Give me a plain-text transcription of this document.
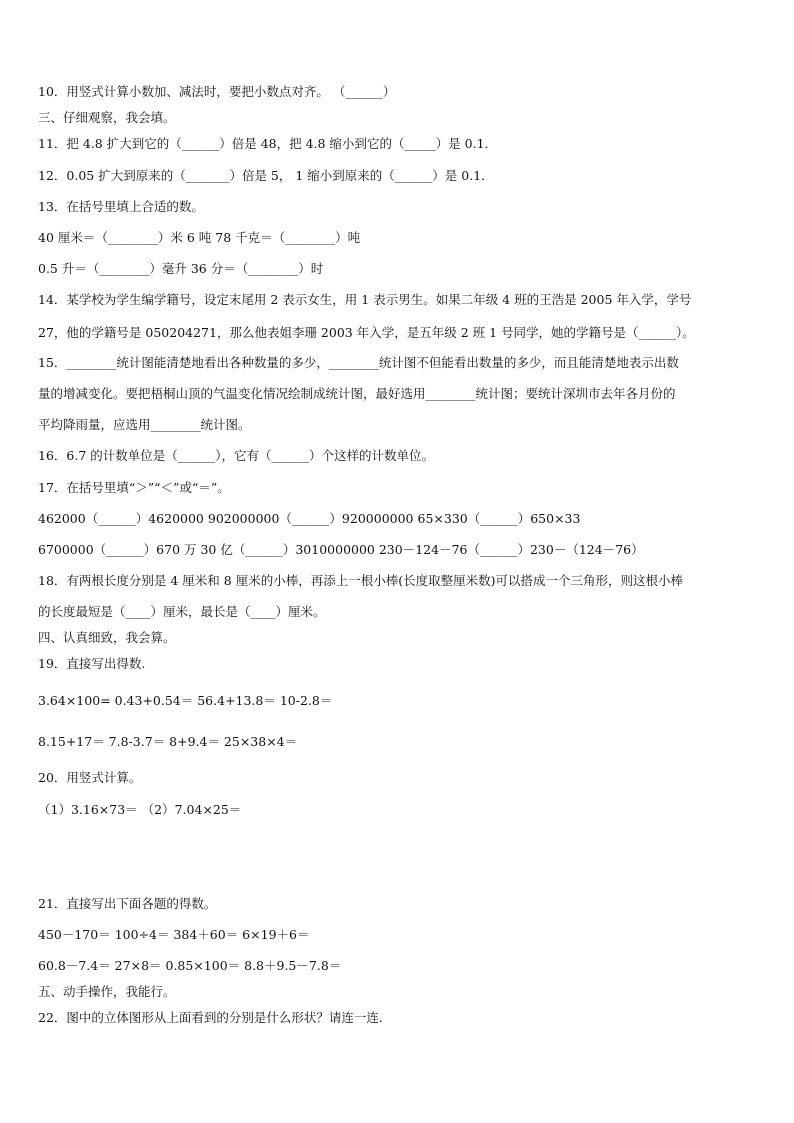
10．用竖式计算小数加、减法时，要把小数点对齐。 （______）
三、仔细观察，我会填。
11．把 4.8 扩大到它的（______）倍是 48，把 4.8 缩小到它的（_____）是 0.1．
12．0.05 扩大到原来的（_______）倍是 5， 1 缩小到原来的（______）是 0.1．
13．在括号里填上合适的数。
40 厘米＝（________）米 6 吨 78 千克＝（________）吨
0.5 升＝（________）毫升 36 分＝（________）时
14．某学校为学生编学籍号，设定末尾用 2 表示女生，用 1 表示男生。如果二年级 4 班的王浩是 2005 年入学，学号
27，他的学籍号是 050204271，那么他表姐李珊 2003 年入学，是五年级 2 班 1 号同学，她的学籍号是（______）。
15．________统计图能清楚地看出各种数量的多少，________统计图不但能看出数量的多少，而且能清楚地表示出数
量的增减变化。要把梧桐山顶的气温变化情况绘制成统计图，最好选用________统计图；要统计深圳市去年各月份的
平均降雨量，应选用________统计图。
16．6.7 的计数单位是（______），它有（______）个这样的计数单位。
17．在括号里填“＞”“＜”或“＝”。
462000（______）4620000 902000000（______）920000000 65×330（______）650×33
6700000（______）670 万 30 亿（______）3010000000 230－124－76（______）230－（124－76）
18．有两根长度分别是 4 厘米和 8 厘米的小棒，再添上一根小棒(长度取整厘米数)可以搭成一个三角形，则这根小棒
的长度最短是（____）厘米，最长是（____）厘米。
四、认真细致，我会算。
19．直接写出得数.
3.64×100= 0.43+0.54＝ 56.4+13.8＝ 10-2.8＝
8.15+17＝ 7.8-3.7＝ 8+9.4＝ 25×38×4＝
20．用竖式计算。
（1）3.16×73＝ （2）7.04×25＝
21．直接写出下面各题的得数。
450－170＝ 100÷4＝ 384＋60＝ 6×19＋6＝
60.8－7.4＝ 27×8＝ 0.85×100＝ 8.8＋9.5－7.8＝
五、动手操作，我能行。
22．图中的立体图形从上面看到的分别是什么形状？请连一连.
